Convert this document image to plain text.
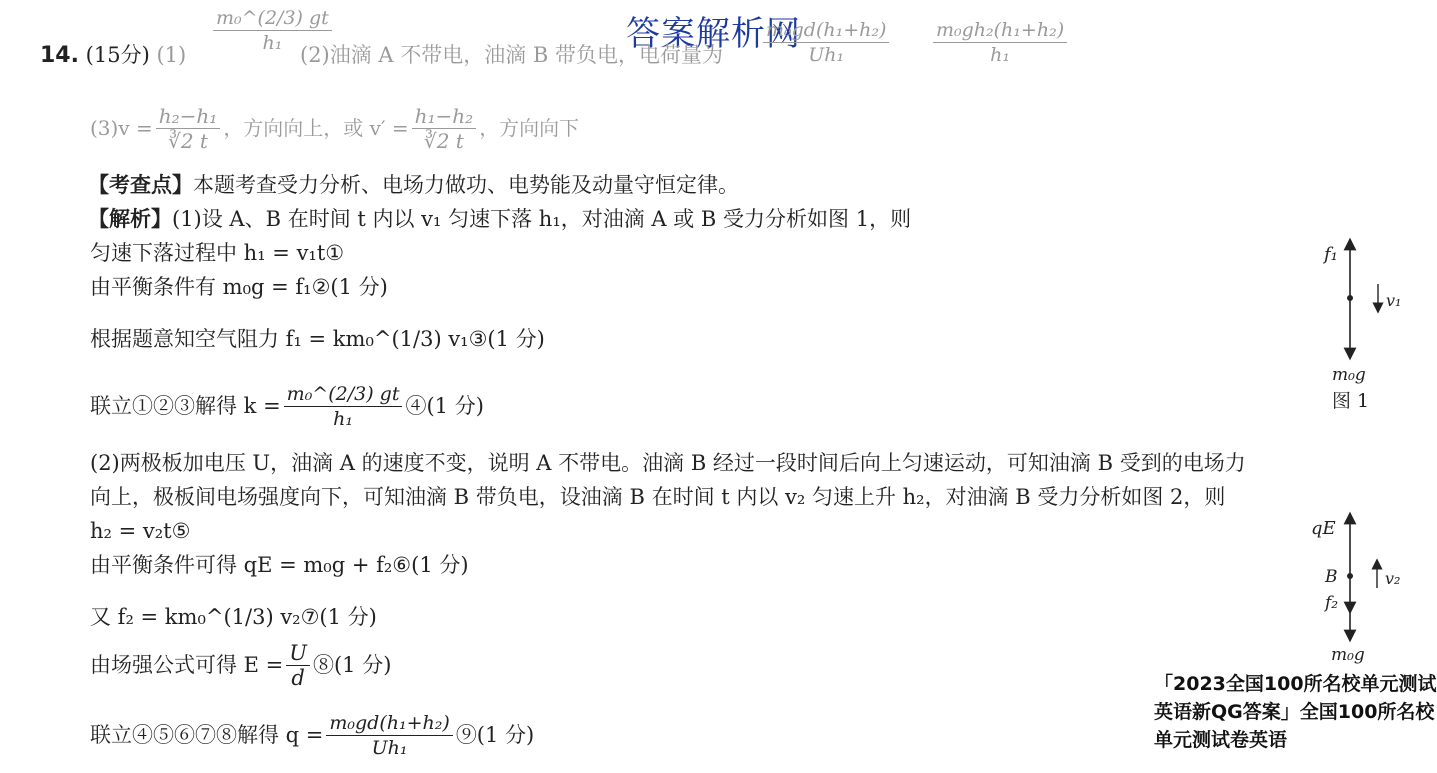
答案解析网
14. (15分) $(1) \frac{\text{m₀\textasciicircum{}(2/3) gt}}{\text{h₁}}$
(2)油滴 A 不带电，油滴 B 带负电，电荷量为 $\frac{\text{m₀gd(h₁+h₂)}}{\text{Uh₁}} \frac{\text{m₀gh₂(h₁+h₂)}}{\text{h₁}}$
$(3)v = \frac{\text{h₂−h₁}}{∛2 t}$ ，方向向上，或 $v' = \frac{\text{h₁−h₂}}{∛2 t}$ ，方向向下
【考查点】本题考查受力分析、电场力做功、电势能及动量守恒定律。
【解析】(1)设 A、B 在时间 t 内以 v₁ 匀速下落 h₁，对油滴 A 或 B 受力分析如图 1，则
匀速下落过程中 h₁ = v₁t①
由平衡条件有 m₀g = f₁②(1 分)
根据题意知空气阻力 f₁ = km₀^(1/3) v₁③(1 分)
联立①②③解得 $k = \frac{\text{m₀\textasciicircum{}(2/3) gt}}{\text{h₁}}$ ④(1 分)
(2)两极板加电压 U，油滴 A 的速度不变，说明 A 不带电。油滴 B 经过一段时间后向上匀速运动，可知油滴 B 受到的电场力
向上，极板间电场强度向下，可知油滴 B 带负电，设油滴 B 在时间 t 内以 v₂ 匀速上升 h₂，对油滴 B 受力分析如图 2，则
h₂ = v₂t⑤
由平衡条件可得 qE = m₀g + f₂⑥(1 分)
又 f₂ = km₀^(1/3) v₂⑦(1 分)
由场强公式可得 $E = \frac{U}{d}$ ⑧(1 分)
联立④⑤⑥⑦⑧解得 $q = \frac{\text{m₀gd(h₁+h₂)}}{\text{Uh₁}}$ ⑨(1 分)
f₁
v₁
m₀g
图 1
qE
B	v₂
f₂
m₀g
「2023全国100所名校单元测试英语新QG答案」全国100所名校单元测试卷英语
